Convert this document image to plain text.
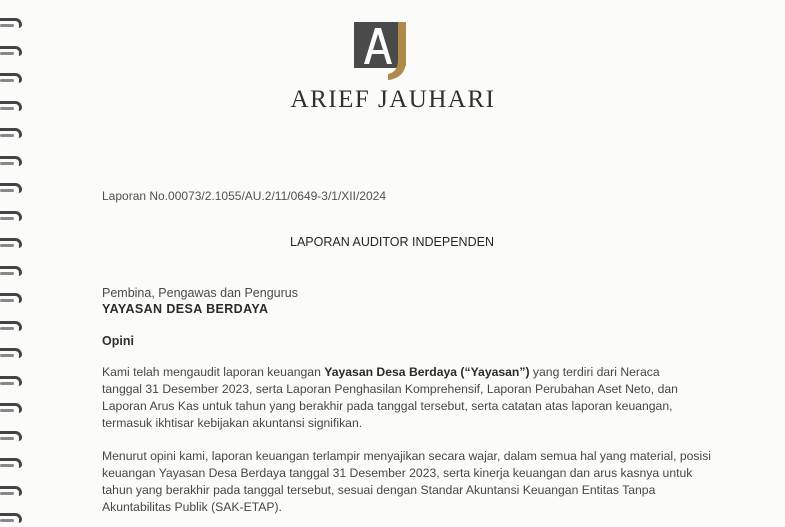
ARIEF JAUHARI
Laporan No.00073/2.1055/AU.2/11/0649-3/1/XII/2024
LAPORAN AUDITOR INDEPENDEN
Pembina, Pengawas dan Pengurus
YAYASAN DESA BERDAYA
Opini
Kami telah mengaudit laporan keuangan Yayasan Desa Berdaya (“Yayasan”) yang terdiri dari Neraca
tanggal 31 Desember 2023, serta Laporan Penghasilan Komprehensif, Laporan Perubahan Aset Neto, dan
Laporan Arus Kas untuk tahun yang berakhir pada tanggal tersebut, serta catatan atas laporan keuangan,
termasuk ikhtisar kebijakan akuntansi signifikan.
Menurut opini kami, laporan keuangan terlampir menyajikan secara wajar, dalam semua hal yang material, posisi
keuangan Yayasan Desa Berdaya tanggal 31 Desember 2023, serta kinerja keuangan dan arus kasnya untuk
tahun yang berakhir pada tanggal tersebut, sesuai dengan Standar Akuntansi Keuangan Entitas Tanpa
Akuntabilitas Publik (SAK-ETAP).
